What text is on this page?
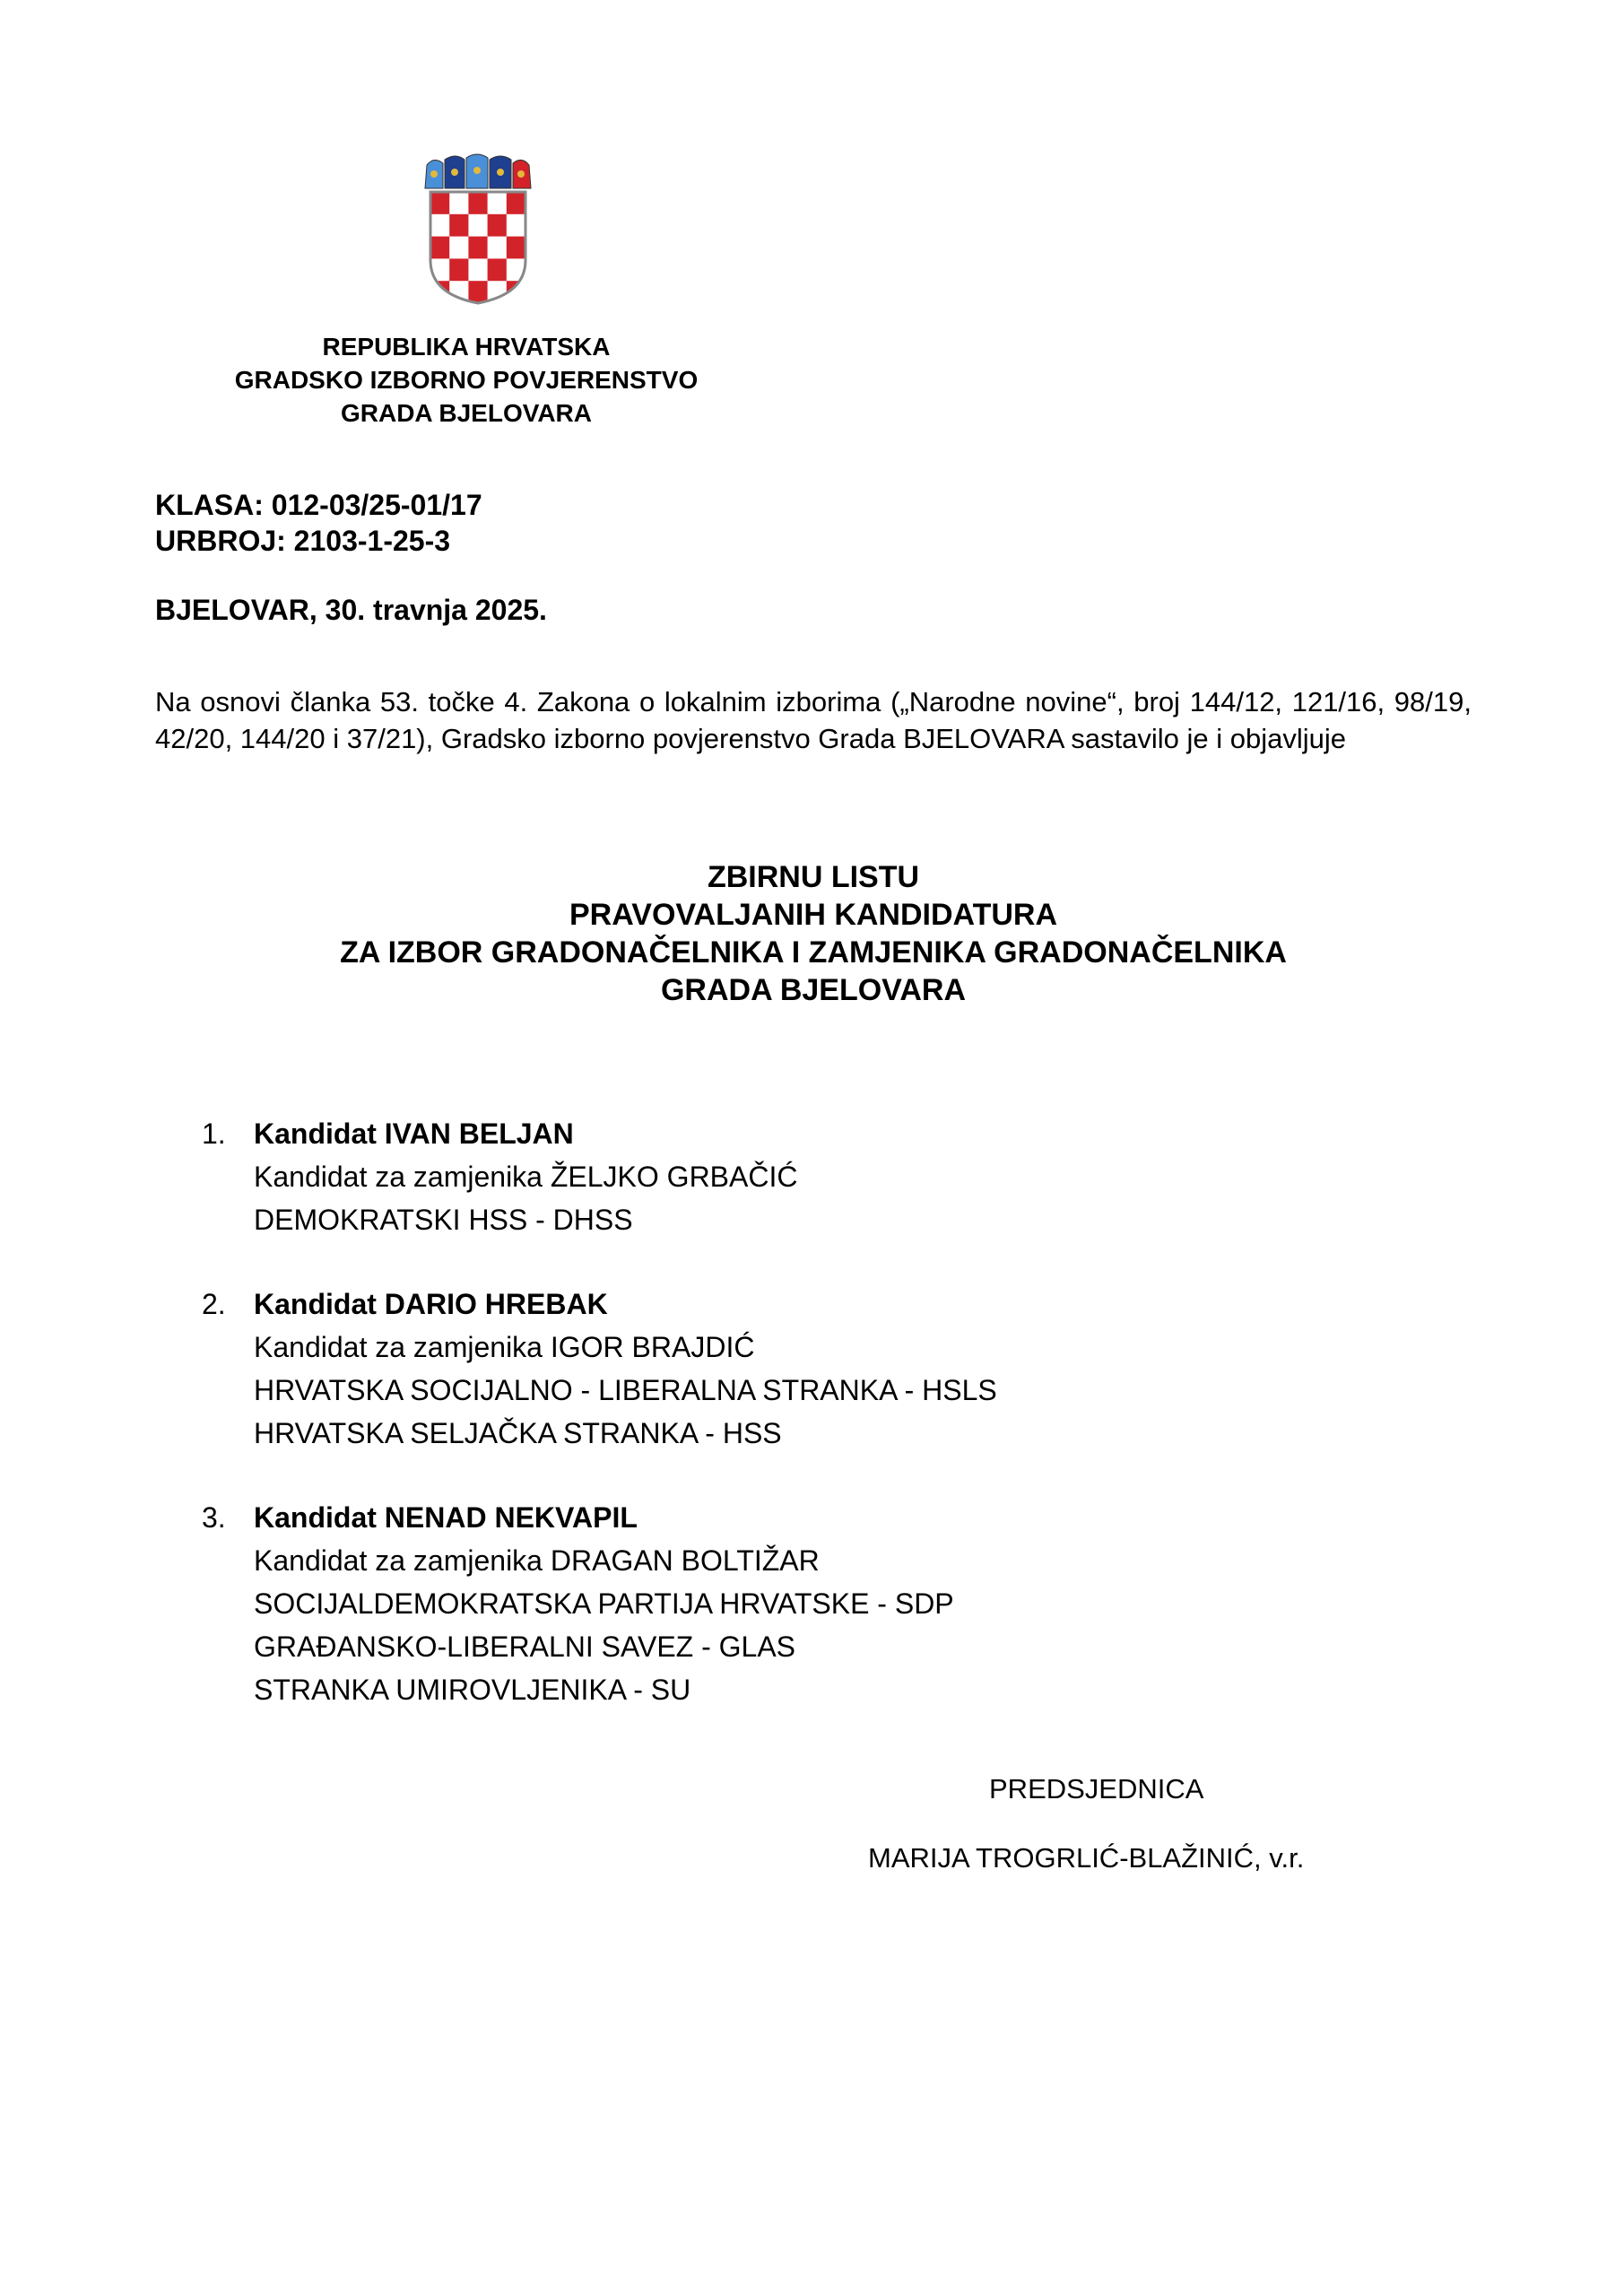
REPUBLIKA HRVATSKA
GRADSKO IZBORNO POVJERENSTVO
GRADA BJELOVARA
KLASA: 012-03/25-01/17
URBROJ: 2103-1-25-3
BJELOVAR, 30. travnja 2025.
Na osnovi članka 53. točke 4. Zakona o lokalnim izborima („Narodne novine“, broj 144/12, 121/16, 98/19, 42/20, 144/20 i 37/21), Gradsko izborno povjerenstvo Grada BJELOVARA sastavilo je i objavljuje
ZBIRNU LISTU
PRAVOVALJANIH KANDIDATURA
ZA IZBOR GRADONAČELNIKA I ZAMJENIKA GRADONAČELNIKA
GRADA BJELOVARA
1. Kandidat IVAN BELJAN
Kandidat za zamjenika ŽELJKO GRBAČIĆ
DEMOKRATSKI HSS - DHSS
2. Kandidat DARIO HREBAK
Kandidat za zamjenika IGOR BRAJDIĆ
HRVATSKA SOCIJALNO - LIBERALNA STRANKA - HSLS
HRVATSKA SELJAČKA STRANKA - HSS
3. Kandidat NENAD NEKVAPIL
Kandidat za zamjenika DRAGAN BOLTIŽAR
SOCIJALDEMOKRATSKA PARTIJA HRVATSKE - SDP
GRAĐANSKO-LIBERALNI SAVEZ - GLAS
STRANKA UMIROVLJENIKA - SU
PREDSJEDNICA
MARIJA TROGRLIĆ-BLAŽINIĆ, v.r.
